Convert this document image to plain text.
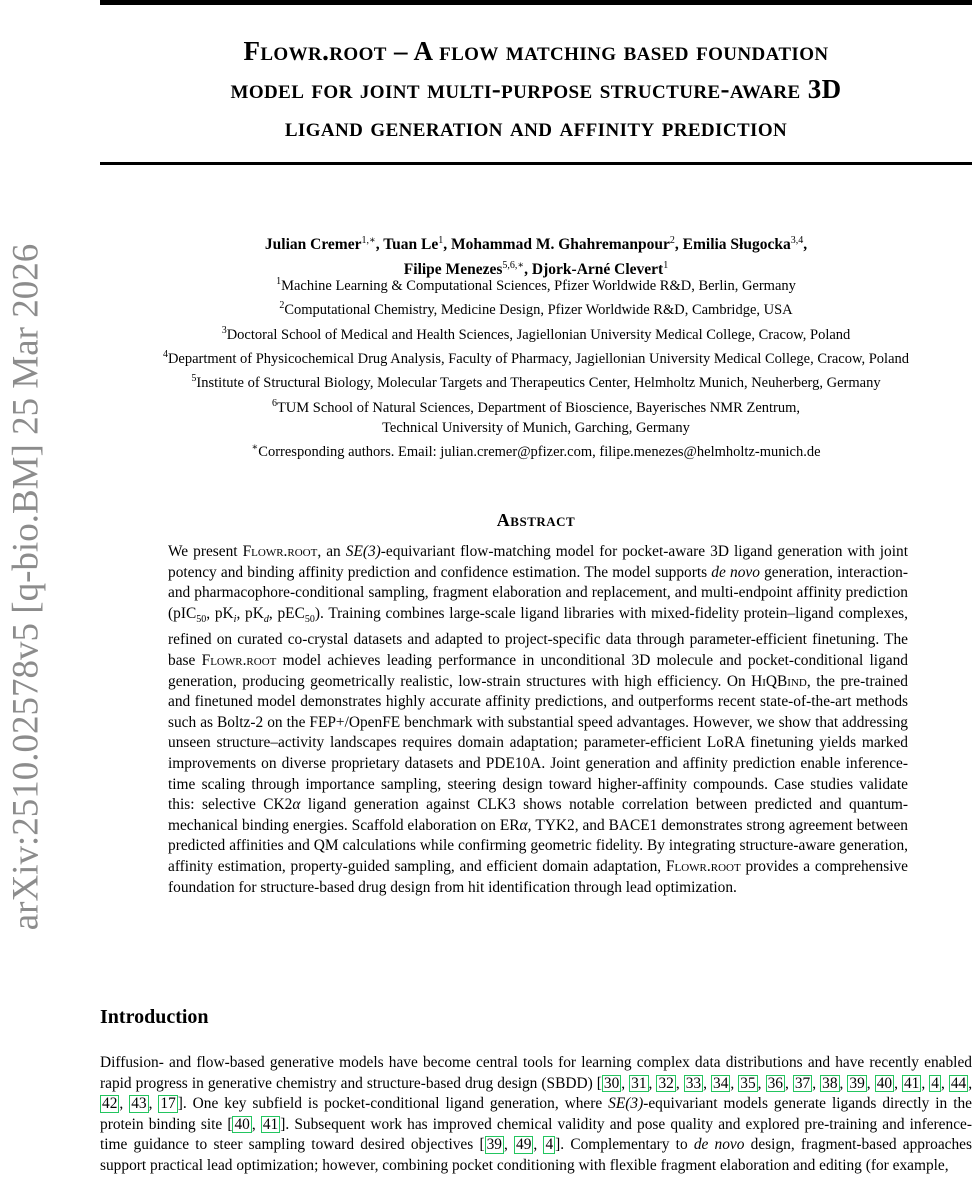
Flowr.root – A flow matching based foundation
model for joint multi-purpose structure-aware 3D
ligand generation and affinity prediction
arXiv:2510.02578v5 [q-bio.BM] 25 Mar 2026	Julian Cremer$^{1,∗}$, Tuan Le$^1$, Mohammad M. Ghahremanpour$^2$, Emilia Sługocka$^{3,4}$,
Filipe Menezes$^{5,6,∗}$, Djork-Arné Clevert$^1$
$^1$Machine Learning & Computational Sciences, Pfizer Worldwide R&D, Berlin, Germany
$^2$Computational Chemistry, Medicine Design, Pfizer Worldwide R&D, Cambridge, USA
$^3$Doctoral School of Medical and Health Sciences, Jagiellonian University Medical College, Cracow, Poland
$^4$Department of Physicochemical Drug Analysis, Faculty of Pharmacy, Jagiellonian University Medical College, Cracow, Poland
$^5$Institute of Structural Biology, Molecular Targets and Therapeutics Center, Helmholtz Munich, Neuherberg, Germany
$^6$TUM School of Natural Sciences, Department of Bioscience, Bayerisches NMR Zentrum,
Technical University of Munich, Garching, Germany
∗Corresponding authors. Email: julian.cremer@pfizer.com, filipe.menezes@helmholtz-munich.de
Abstract
We present Flowr.root, an SE(3)-equivariant flow-matching model for pocket-aware 3D ligand generation with joint potency and binding affinity prediction and confidence estimation. The model supports de novo generation, interaction- and pharmacophore-conditional sampling, fragment elaboration and replacement, and multi-endpoint affinity prediction (pIC$_{50}$, $pK_i$, $pK_d$, pEC$_{50}$). Training combines large-scale ligand libraries with mixed-fidelity protein–ligand complexes, refined on curated co-crystal datasets and adapted to project-specific data through parameter-efficient finetuning. The base Flowr.root model achieves leading performance in unconditional 3D molecule and pocket-conditional ligand generation, producing geometrically realistic, low-strain structures with high efficiency. On HiQBind, the pre-trained and finetuned model demonstrates highly accurate affinity predictions, and outperforms recent state-of-the-art methods such as Boltz-2 on the FEP+/OpenFE benchmark with substantial speed advantages. However, we show that addressing unseen structure–activity landscapes requires domain adaptation; parameter-efficient LoRA finetuning yields marked improvements on diverse proprietary datasets and PDE10A. Joint generation and affinity prediction enable inference-time scaling through importance sampling, steering design toward higher-affinity compounds. Case studies validate this: selective CK2α ligand generation against CLK3 shows notable correlation between predicted and quantum-mechanical binding energies. Scaffold elaboration on ERα, TYK2, and BACE1 demonstrates strong agreement between predicted affinities and QM calculations while confirming geometric fidelity. By integrating structure-aware generation, affinity estimation, property-guided sampling, and efficient domain adaptation, Flowr.root provides a comprehensive foundation for structure-based drug design from hit identification through lead optimization.
Introduction
Diffusion- and flow-based generative models have become central tools for learning complex data distributions and have recently enabled rapid progress in generative chemistry and structure-based drug design (SBDD) [ 30 , 31 , 32 , 33 , 34 , 35 , 36 , 37 , 38 , 39 , 40 , 41 , 4 , 44 , 42 , 43 , 17 ]. One key subfield is pocket-conditional ligand generation, where SE(3)-equivariant models generate ligands directly in the protein binding site [ 40 , 41 ]. Subsequent work has improved chemical validity and pose quality and explored pre-training and inference-time guidance to steer sampling toward desired objectives [ 39 , 49 , 4 ]. Complementary to de novo design, fragment-based approaches support practical lead optimization; however, combining pocket conditioning with flexible fragment elaboration and editing (for example,
